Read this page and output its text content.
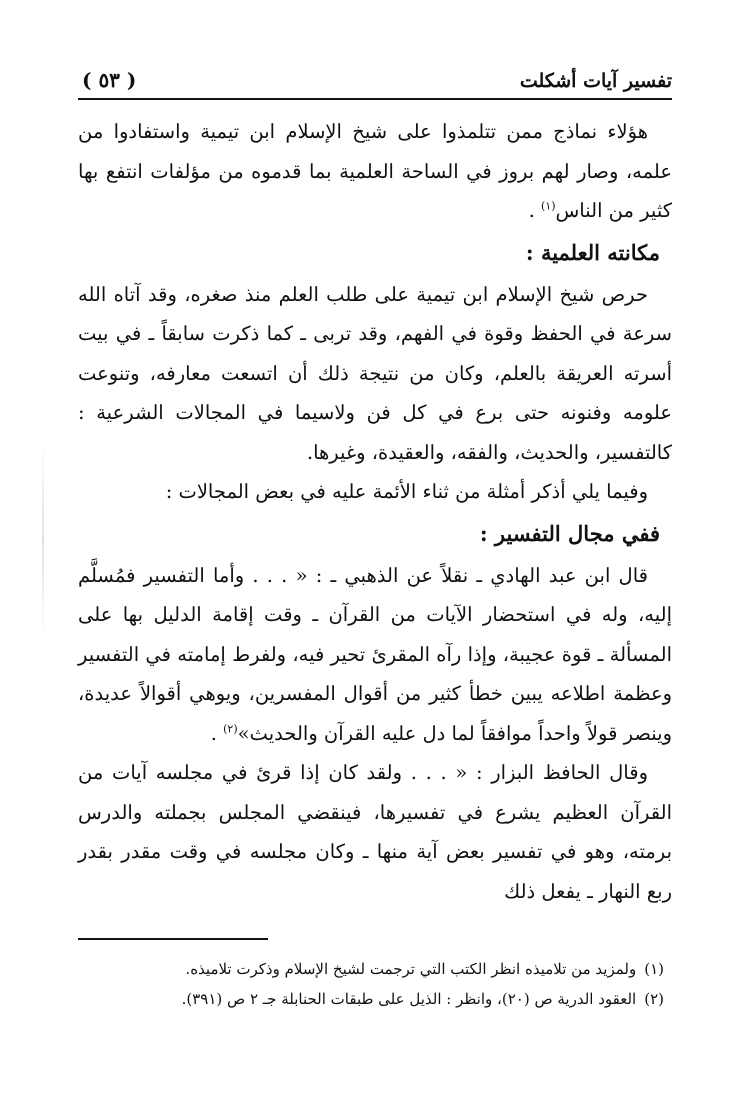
تفسير آيات أشكلت
( ٥٣ )

هؤلاء نماذج ممن تتلمذوا على شيخ الإسلام ابن تيمية واستفادوا من علمه، وصار لهم بروز في الساحة العلمية بما قدموه من مؤلفات انتفع بها كثير من الناس$^{(١)}$ .

مكانته العلمية :

حرص شيخ الإسلام ابن تيمية على طلب العلم منذ صغره، وقد آتاه الله سرعة في الحفظ وقوة في الفهم، وقد تربى ـ كما ذكرت سابقاً ـ في بيت أسرته العريقة بالعلم، وكان من نتيجة ذلك أن اتسعت معارفه، وتنوعت علومه وفنونه حتى برع في كل فن ولاسيما في المجالات الشرعية : كالتفسير، والحديث، والفقه، والعقيدة، وغيرها.

وفيما يلي أذكر أمثلة من ثناء الأئمة عليه في بعض المجالات :

ففي مجال التفسير :

قال ابن عبد الهادي ـ نقلاً عن الذهبي ـ : « . . . وأما التفسير فمُسلَّم إليه، وله في استحضار الآيات من القرآن ـ وقت إقامة الدليل بها على المسألة ـ قوة عجيبة، وإذا رآه المقرئ تحير فيه، ولفرط إمامته في التفسير وعظمة اطلاعه يبين خطأ كثير من أقوال المفسرين، ويوهي أقوالاً عديدة، وينصر قولاً واحداً موافقاً لما دل عليه القرآن والحديث»$^{(٢)}$ .

وقال الحافظ البزار : « . . . ولقد كان إذا قرئ في مجلسه آيات من القرآن العظيم يشرع في تفسيرها، فينقضي المجلس بجملته والدرس برمته، وهو في تفسير بعض آية منها ـ وكان مجلسه في وقت مقدر بقدر ربع النهار ـ يفعل ذلك

(١)ولمزيد من تلاميذه انظر الكتب التي ترجمت لشيخ الإسلام وذكرت تلاميذه.
(٢)العقود الدرية ص (٢٠)، وانظر : الذيل على طبقات الحنابلة جـ ٢ ص (٣٩١).
